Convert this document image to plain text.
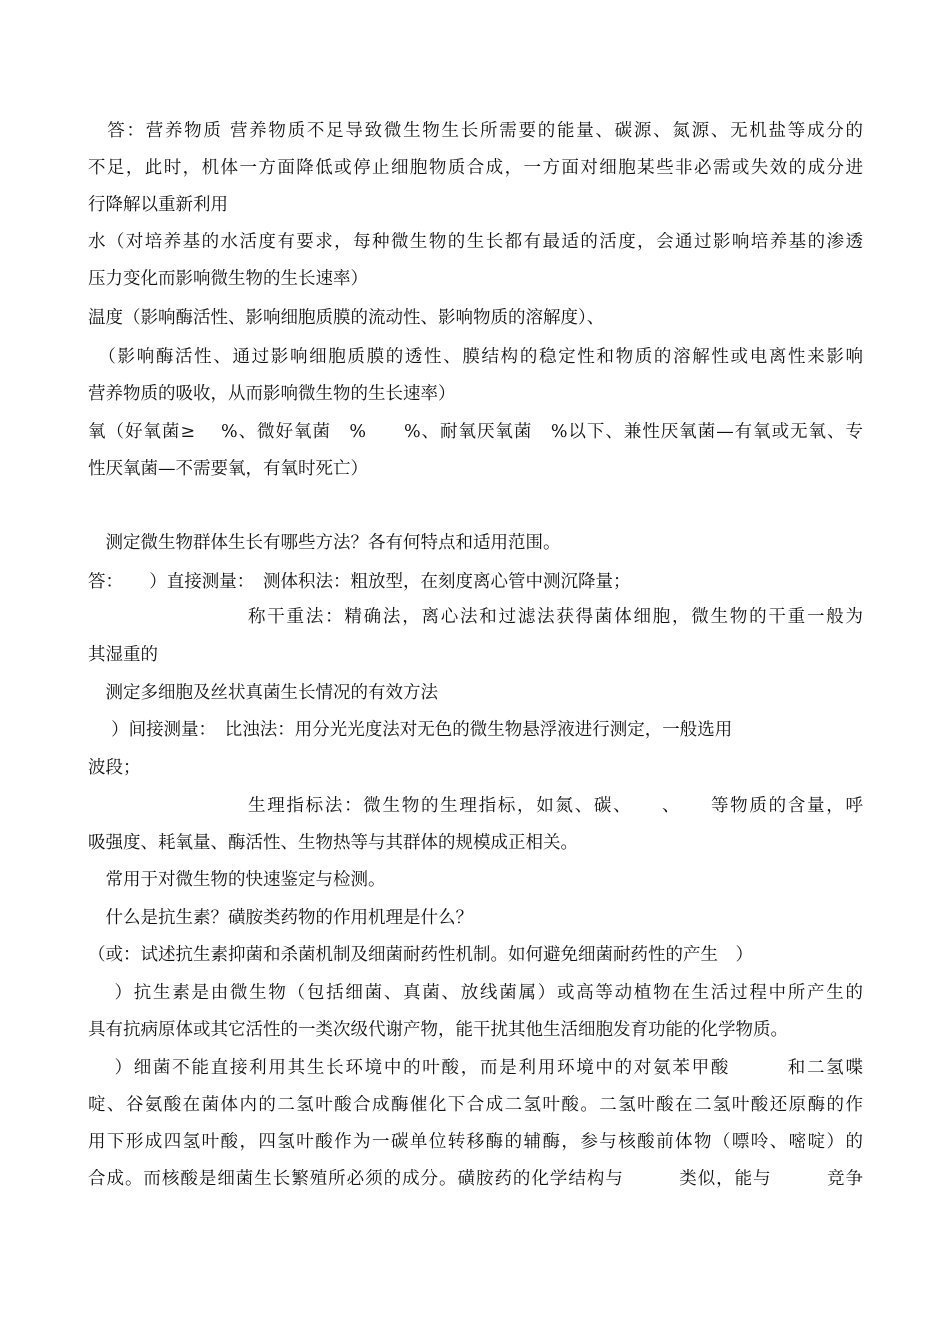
　答：营养物质 营养物质不足导致微生物生长所需要的能量、碳源、氮源、无机盐等成分的
不足，此时，机体一方面降低或停止细胞物质合成，一方面对细胞某些非必需或失效的成分进
行降解以重新利用
水（对培养基的水活度有要求，每种微生物的生长都有最适的活度，会通过影响培养基的渗透
压力变化而影响微生物的生长速率）
温度（影响酶活性、影响细胞质膜的流动性、影响物质的溶解度）、
　（影响酶活性、通过影响细胞质膜的透性、膜结构的稳定性和物质的溶解性或电离性来影响
营养物质的吸收，从而影响微生物的生长速率）
氧（好氧菌≥　 %、微好氧菌　%　　%、耐氧厌氧菌　%以下、兼性厌氧菌—有氧或无氧、专
性厌氧菌—不需要氧，有氧时死亡）
　测定微生物群体生长有哪些方法？各有何特点和适用范围。
答：　　）直接测量：　测体积法：粗放型，在刻度离心管中测沉降量；
称干重法：精确法，离心法和过滤法获得菌体细胞，微生物的干重一般为
其湿重的
　测定多细胞及丝状真菌生长情况的有效方法
　 ）间接测量：　比浊法：用分光光度法对无色的微生物悬浮液进行测定，一般选用
波段；
生理指标法：微生物的生理指标，如氮、碳、　　、　　等物质的含量，呼
吸强度、耗氧量、酶活性、生物热等与其群体的规模成正相关。
　常用于对微生物的快速鉴定与检测。
　什么是抗生素？磺胺类药物的作用机理是什么？
（或：试述抗生素抑菌和杀菌机制及细菌耐药性机制。如何避免细菌耐药性的产生　）
　 ）抗生素是由微生物（包括细菌、真菌、放线菌属）或高等动植物在生活过程中所产生的
具有抗病原体或其它活性的一类次级代谢产物，能干扰其他生活细胞发育功能的化学物质。
　 ）细菌不能直接利用其生长环境中的叶酸，而是利用环境中的对氨苯甲酸　　　和二氢喋
啶、谷氨酸在菌体内的二氢叶酸合成酶催化下合成二氢叶酸。二氢叶酸在二氢叶酸还原酶的作
用下形成四氢叶酸，四氢叶酸作为一碳单位转移酶的辅酶，参与核酸前体物（嘌呤、嘧啶）的
合成。而核酸是细菌生长繁殖所必须的成分。磺胺药的化学结构与　　　类似，能与　　　竞争
